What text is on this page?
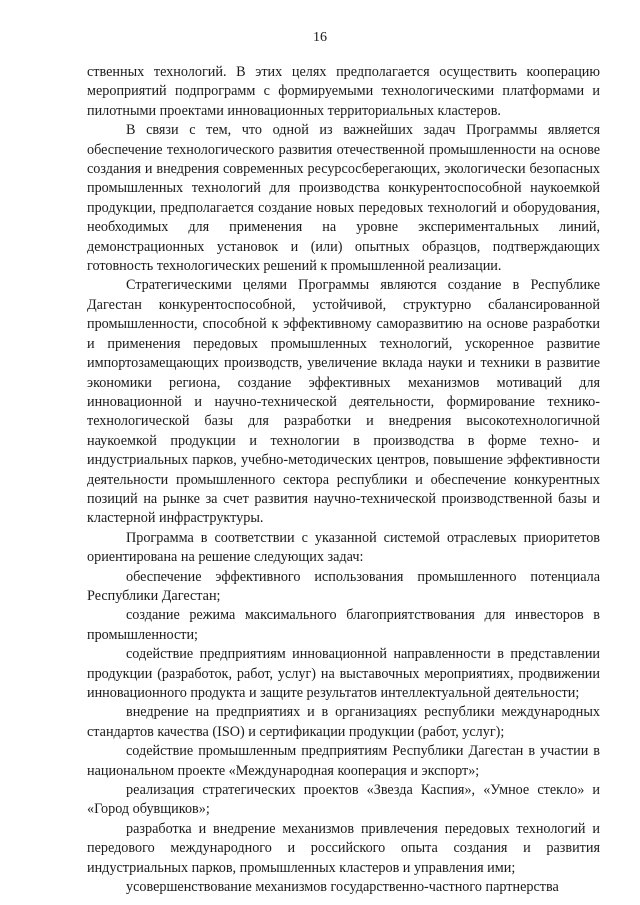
16

ственных технологий. В этих целях предполагается осуществить кооперацию мероприятий подпрограмм с формируемыми технологическими платформами и пилотными проектами инновационных территориальных кластеров.

В связи с тем, что одной из важнейших задач Программы является обеспечение технологического развития отечественной промышленности на основе создания и внедрения современных ресурсосберегающих, экологически безопасных промышленных технологий для производства конкурентоспособной наукоемкой продукции, предполагается создание новых передовых технологий и оборудования, необходимых для применения на уровне экспериментальных линий, демонстрационных установок и (или) опытных образцов, подтверждающих готовность технологических решений к промышленной реализации.

Стратегическими целями Программы являются создание в Республике Дагестан конкурентоспособной, устойчивой, структурно сбалансированной промышленности, способной к эффективному саморазвитию на основе разработки и применения передовых промышленных технологий, ускоренное развитие импортозамещающих производств, увеличение вклада науки и техники в развитие экономики региона, создание эффективных механизмов мотиваций для инновационной и научно-технической деятельности, формирование технико-технологической базы для разработки и внедрения высокотехнологичной наукоемкой продукции и технологии в производства в форме техно- и индустриальных парков, учебно-методических центров, повышение эффективности деятельности промышленного сектора республики и обеспечение конкурентных позиций на рынке за счет развития научно-технической производственной базы и кластерной инфраструктуры.

Программа в соответствии с указанной системой отраслевых приоритетов ориентирована на решение следующих задач:

обеспечение эффективного использования промышленного потенциала Республики Дагестан;

создание режима максимального благоприятствования для инвесторов в промышленности;

содействие предприятиям инновационной направленности в представлении продукции (разработок, работ, услуг) на выставочных мероприятиях, продвижении инновационного продукта и защите результатов интеллектуальной деятельности;

внедрение на предприятиях и в организациях республики международных стандартов качества (ISO) и сертификации продукции (работ, услуг);

содействие промышленным предприятиям Республики Дагестан в участии в национальном проекте «Международная кооперация и экспорт»;

реализация стратегических проектов «Звезда Каспия», «Умное стекло» и «Город обувщиков»;

разработка и внедрение механизмов привлечения передовых технологий и передового международного и российского опыта создания и развития индустриальных парков, промышленных кластеров и управления ими;

усовершенствование механизмов государственно-частного партнерства
